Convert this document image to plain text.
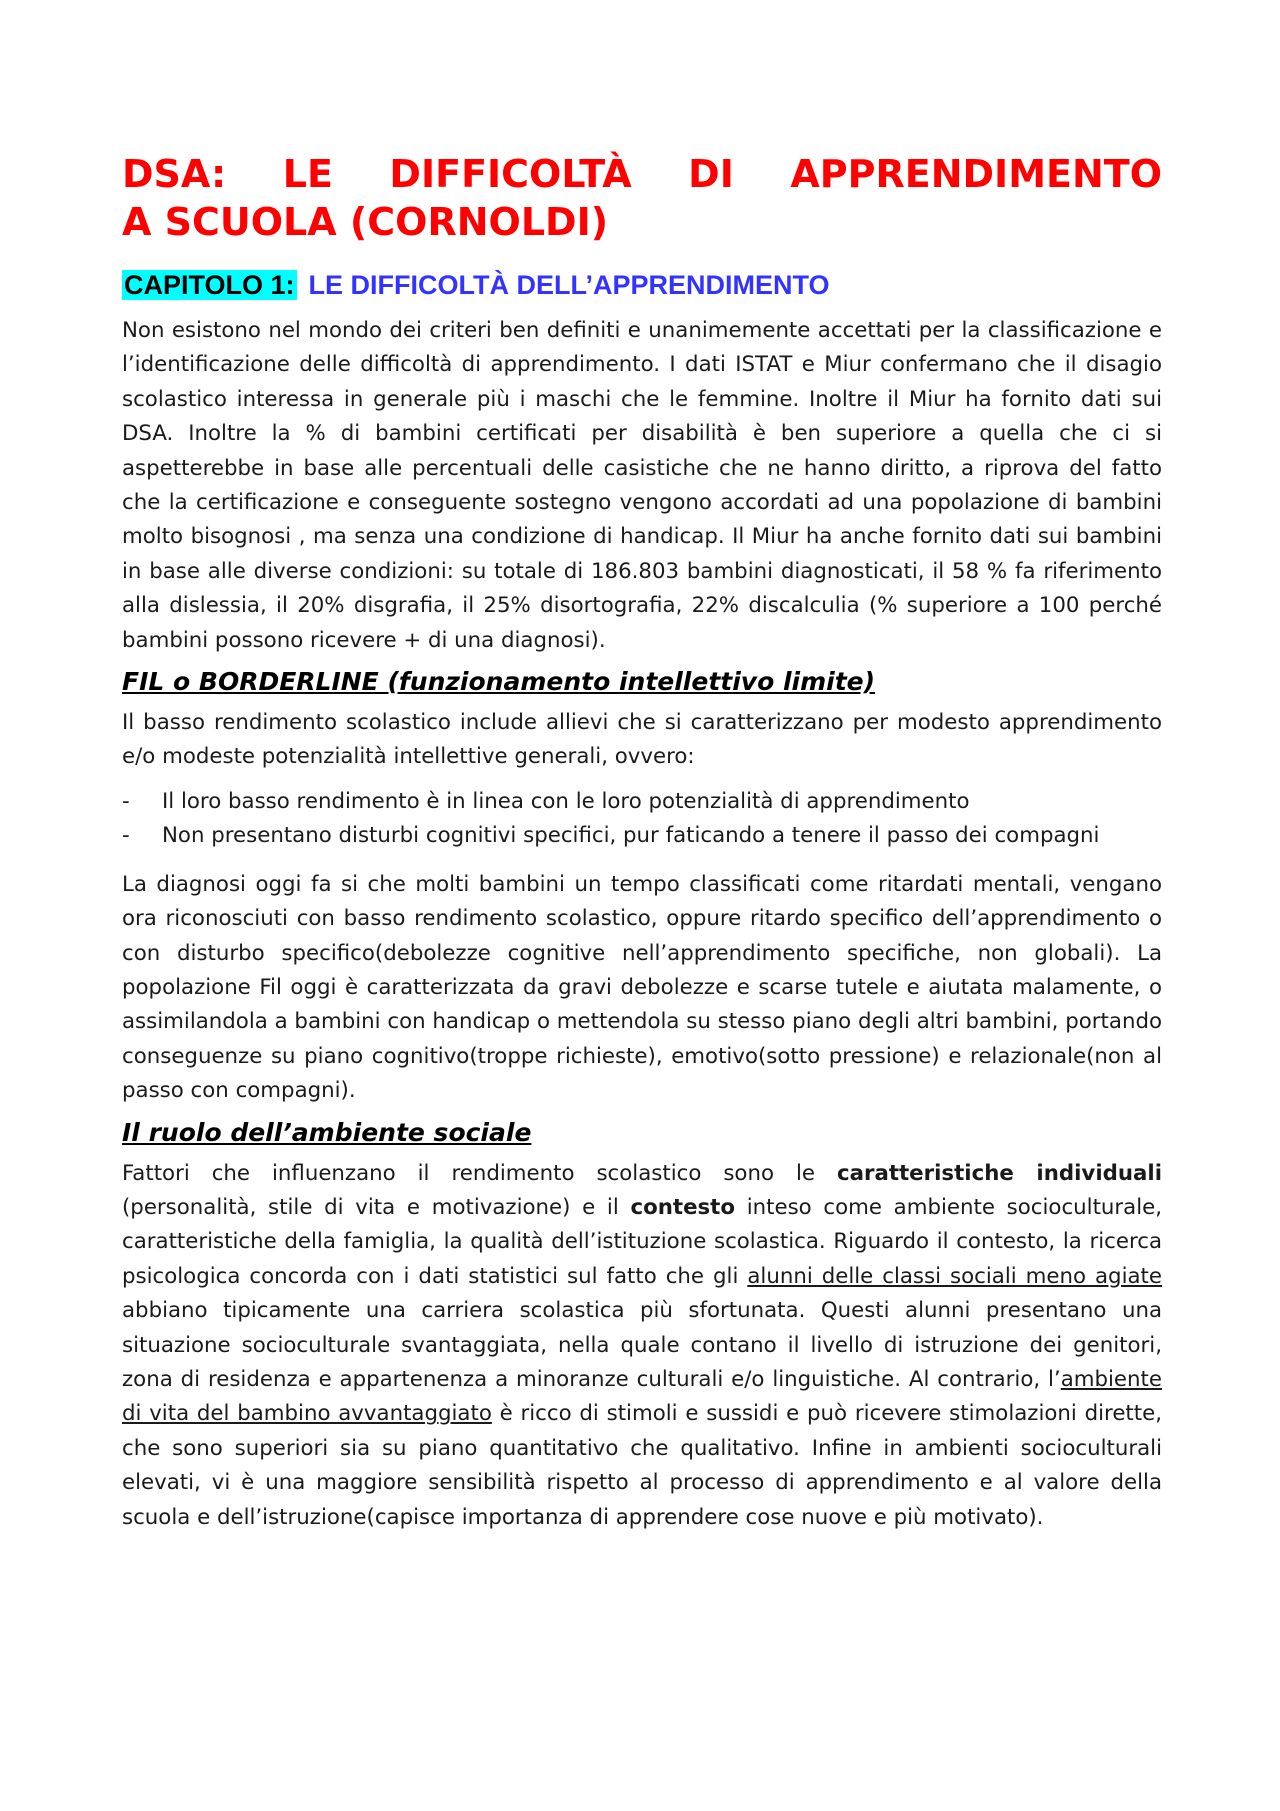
DSA: LE DIFFICOLTÀ DI APPRENDIMENTO
A SCUOLA (CORNOLDI)
CAPITOLO 1: LE DIFFICOLTÀ DELL’APPRENDIMENTO

Non esistono nel mondo dei criteri ben definiti e unanimemente accettati per la classificazione e l’identificazione delle difficoltà di apprendimento. I dati ISTAT e Miur confermano che il disagio scolastico interessa in generale più i maschi che le femmine. Inoltre il Miur ha fornito dati sui DSA. Inoltre la % di bambini certificati per disabilità è ben superiore a quella che ci si aspetterebbe in base alle percentuali delle casistiche che ne hanno diritto, a riprova del fatto che la certificazione e conseguente sostegno vengono accordati ad una popolazione di bambini molto bisognosi , ma senza una condizione di handicap. Il Miur ha anche fornito dati sui bambini in base alle diverse condizioni: su totale di 186.803 bambini diagnosticati, il 58 % fa riferimento alla dislessia, il 20% disgrafia, il 25% disortografia, 22% discalculia (% superiore a 100 perché bambini possono ricevere + di una diagnosi).

FIL o BORDERLINE (funzionamento intellettivo limite)

Il basso rendimento scolastico include allievi che si caratterizzano per modesto apprendimento e/o modeste potenzialità intellettive generali, ovvero:

- Il loro basso rendimento è in linea con le loro potenzialità di apprendimento
- Non presentano disturbi cognitivi specifici, pur faticando a tenere il passo dei compagni

La diagnosi oggi fa si che molti bambini un tempo classificati come ritardati mentali, vengano ora riconosciuti con basso rendimento scolastico, oppure ritardo specifico dell’apprendimento o con disturbo specifico(debolezze cognitive nell’apprendimento specifiche, non globali). La popolazione Fil oggi è caratterizzata da gravi debolezze e scarse tutele e aiutata malamente, o assimilandola a bambini con handicap o mettendola su stesso piano degli altri bambini, portando conseguenze su piano cognitivo(troppe richieste), emotivo(sotto pressione) e relazionale(non al passo con compagni).

Il ruolo dell’ambiente sociale

Fattori che influenzano il rendimento scolastico sono le caratteristiche individuali (personalità, stile di vita e motivazione) e il contesto inteso come ambiente socioculturale, caratteristiche della famiglia, la qualità dell’istituzione scolastica. Riguardo il contesto, la ricerca psicologica concorda con i dati statistici sul fatto che gli alunni delle classi sociali meno agiate abbiano tipicamente una carriera scolastica più sfortunata. Questi alunni presentano una situazione socioculturale svantaggiata, nella quale contano il livello di istruzione dei genitori, zona di residenza e appartenenza a minoranze culturali e/o linguistiche. Al contrario, l’ambiente di vita del bambino avvantaggiato è ricco di stimoli e sussidi e può ricevere stimolazioni dirette, che sono superiori sia su piano quantitativo che qualitativo. Infine in ambienti socioculturali elevati, vi è una maggiore sensibilità rispetto al processo di apprendimento e al valore della scuola e dell’istruzione(capisce importanza di apprendere cose nuove e più motivato).
